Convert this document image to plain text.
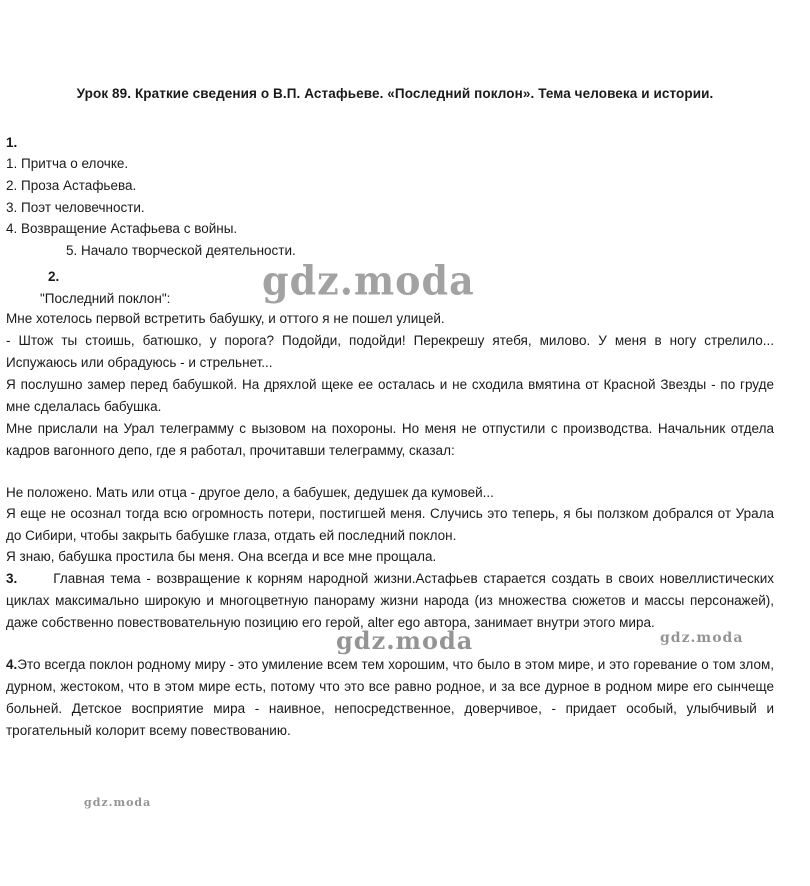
Урок 89. Краткие сведения о В.П. Астафьеве. «Последний поклон». Тема человека и истории.
1.
1. Притча о елочке.
2. Проза Астафьева.
3. Поэт человечности.
4. Возвращение Астафьева с войны.
5. Начало творческой деятельности.
2.
"Последний поклон":
Мне хотелось первой встретить бабушку, и оттого я не пошел улицей.
- Штож ты стоишь, батюшко, у порога? Подойди, подойди! Перекрешу ятебя, милово. У меня в ногу стрелило... Испужаюсь или обрадуюсь - и стрельнет...
Я послушно замер перед бабушкой. На дряхлой щеке ее осталась и не сходила вмятина от Красной Звезды - по груде мне сделалась бабушка.
Мне прислали на Урал телеграмму с вызовом на похороны. Но меня не отпустили с производства. Начальник отдела кадров вагонного депо, где я работал, прочитавши телеграмму, сказал:
Не положено. Мать или отца - другое дело, а бабушек, дедушек да кумовей...
Я еще не осознал тогда всю огромность потери, постигшей меня. Случись это теперь, я бы ползком добрался от Урала до Сибири, чтобы закрыть бабушке глаза, отдать ей последний поклон.
Я знаю, бабушка простила бы меня. Она всегда и все мне прощала.
3.	Главная тема - возвращение к корням народной жизни.Астафьев старается создать в своих новеллистических циклах максимально широкую и многоцветную панораму жизни народа (из множества сюжетов и массы персонажей), даже собственно повествовательную позицию его герой, alter ego автора, занимает внутри этого мира.
4.Это всегда поклон родному миру - это умиление всем тем хорошим, что было в этом мире, и это горевание о том злом, дурном, жестоком, что в этом мире есть, потому что это все равно родное, и за все дурное в родном мире его сынчеще больней. Детское восприятие мира - наивное, непосредственное, доверчивое, - придает особый, улыбчивый и трогательный колорит всему повествованию.
gdz.moda
gdz.moda	gdz.moda
gdz.moda
